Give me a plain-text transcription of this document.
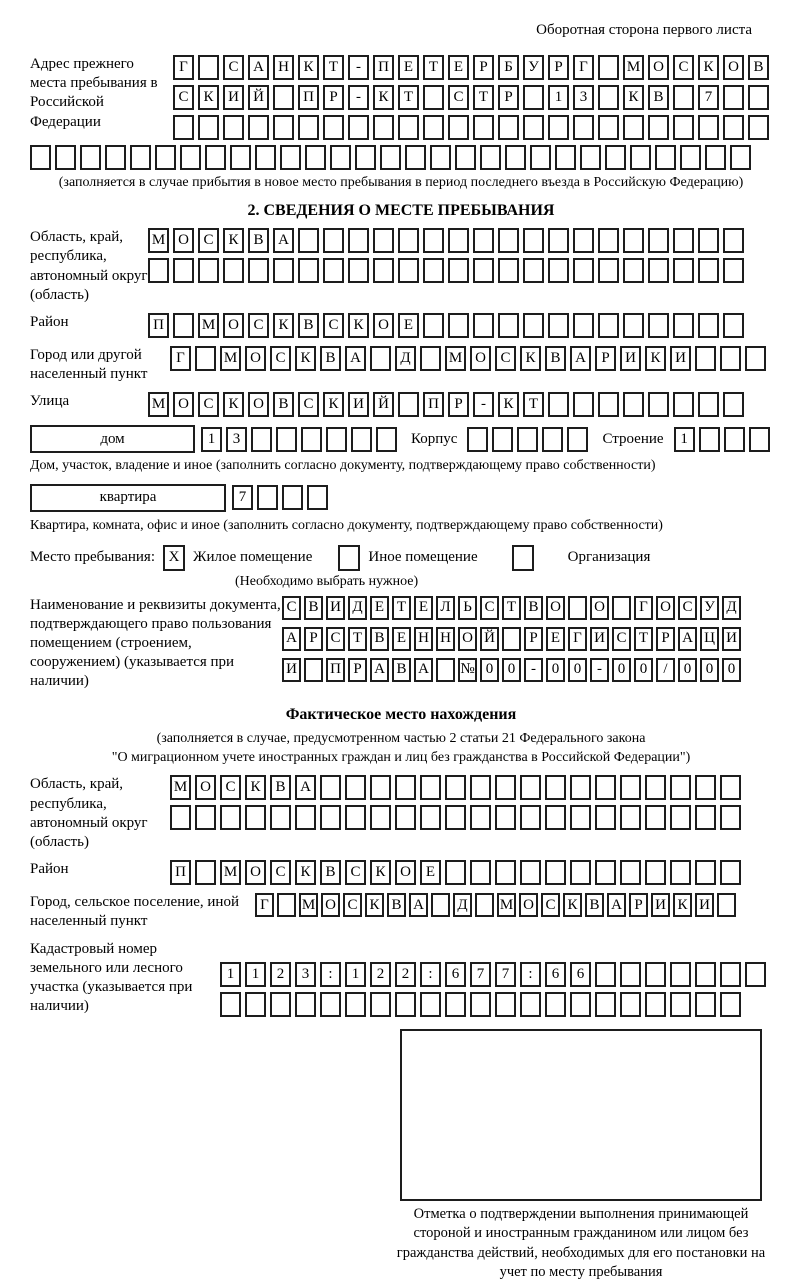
Оборотная сторона первого листа
Адрес прежнего места пребывания в Российской Федерации
Г	С А Н К	Т	-	П Е	Т	Е	Р	Б	У	Р	Г	М О С К О В
С К И Й	П	Р	-	К	Т	С	Т	Р	1	3	К В	7
(заполняется в случае прибытия в новое место пребывания в период последнего въезда в Российскую Федерацию)
2. СВЕДЕНИЯ О МЕСТЕ ПРЕБЫВАНИЯ
Область, край, республика, автономный округ (область)
М О С К В А
Район	П	М О С К В С К О Е
Город или другой населенный пункт
Г	М О С К В А	Д	М О С К В А	Р	И К И
Улица	М О С К О В С К И Й	П	Р	-	К	Т
дом	1	3	Корпус	Строение	1
Дом, участок, владение и иное (заполнить согласно документу, подтверждающему право собственности)
квартира	7
Квартира, комната, офис и иное (заполнить согласно документу, подтверждающему право собственности)
Место пребывания: X Жилое помещение	Иное помещение	Организация
(Необходимо выбрать нужное)
Наименование и реквизиты документа, подтверждающего право пользования помещением (строением, сооружением) (указывается при наличии)
С В И Д Е Т Е Л Ь С Т В О О	Г О С У Д
А Р С Т В Е Н Н О Й	Р Е Г И С Т Р А Ц И
И П Р А В А № 0 0	-	0 0	-	0 0	/	0 0 0
Фактическое место нахождения
(заполняется в случае, предусмотренном частью 2 статьи 21 Федерального закона
"О миграционном учете иностранных граждан и лиц без гражданства в Российской Федерации")
Область, край, республика, автономный округ (область)
М О С К В А
Район	П	М О С К В С К О Е
Город, сельское поселение, иной населенный пункт
Г	М О С К В А Д М О С К В А Р И К И
Кадастровый номер земельного или лесного участка (указывается при наличии)
1	1	2	3	:	1	2	2	:	6	7	7	:	6	6
Отметка о подтверждении выполнения принимающей стороной и иностранным гражданином или лицом без гражданства действий, необходимых для его постановки на учет по месту пребывания
